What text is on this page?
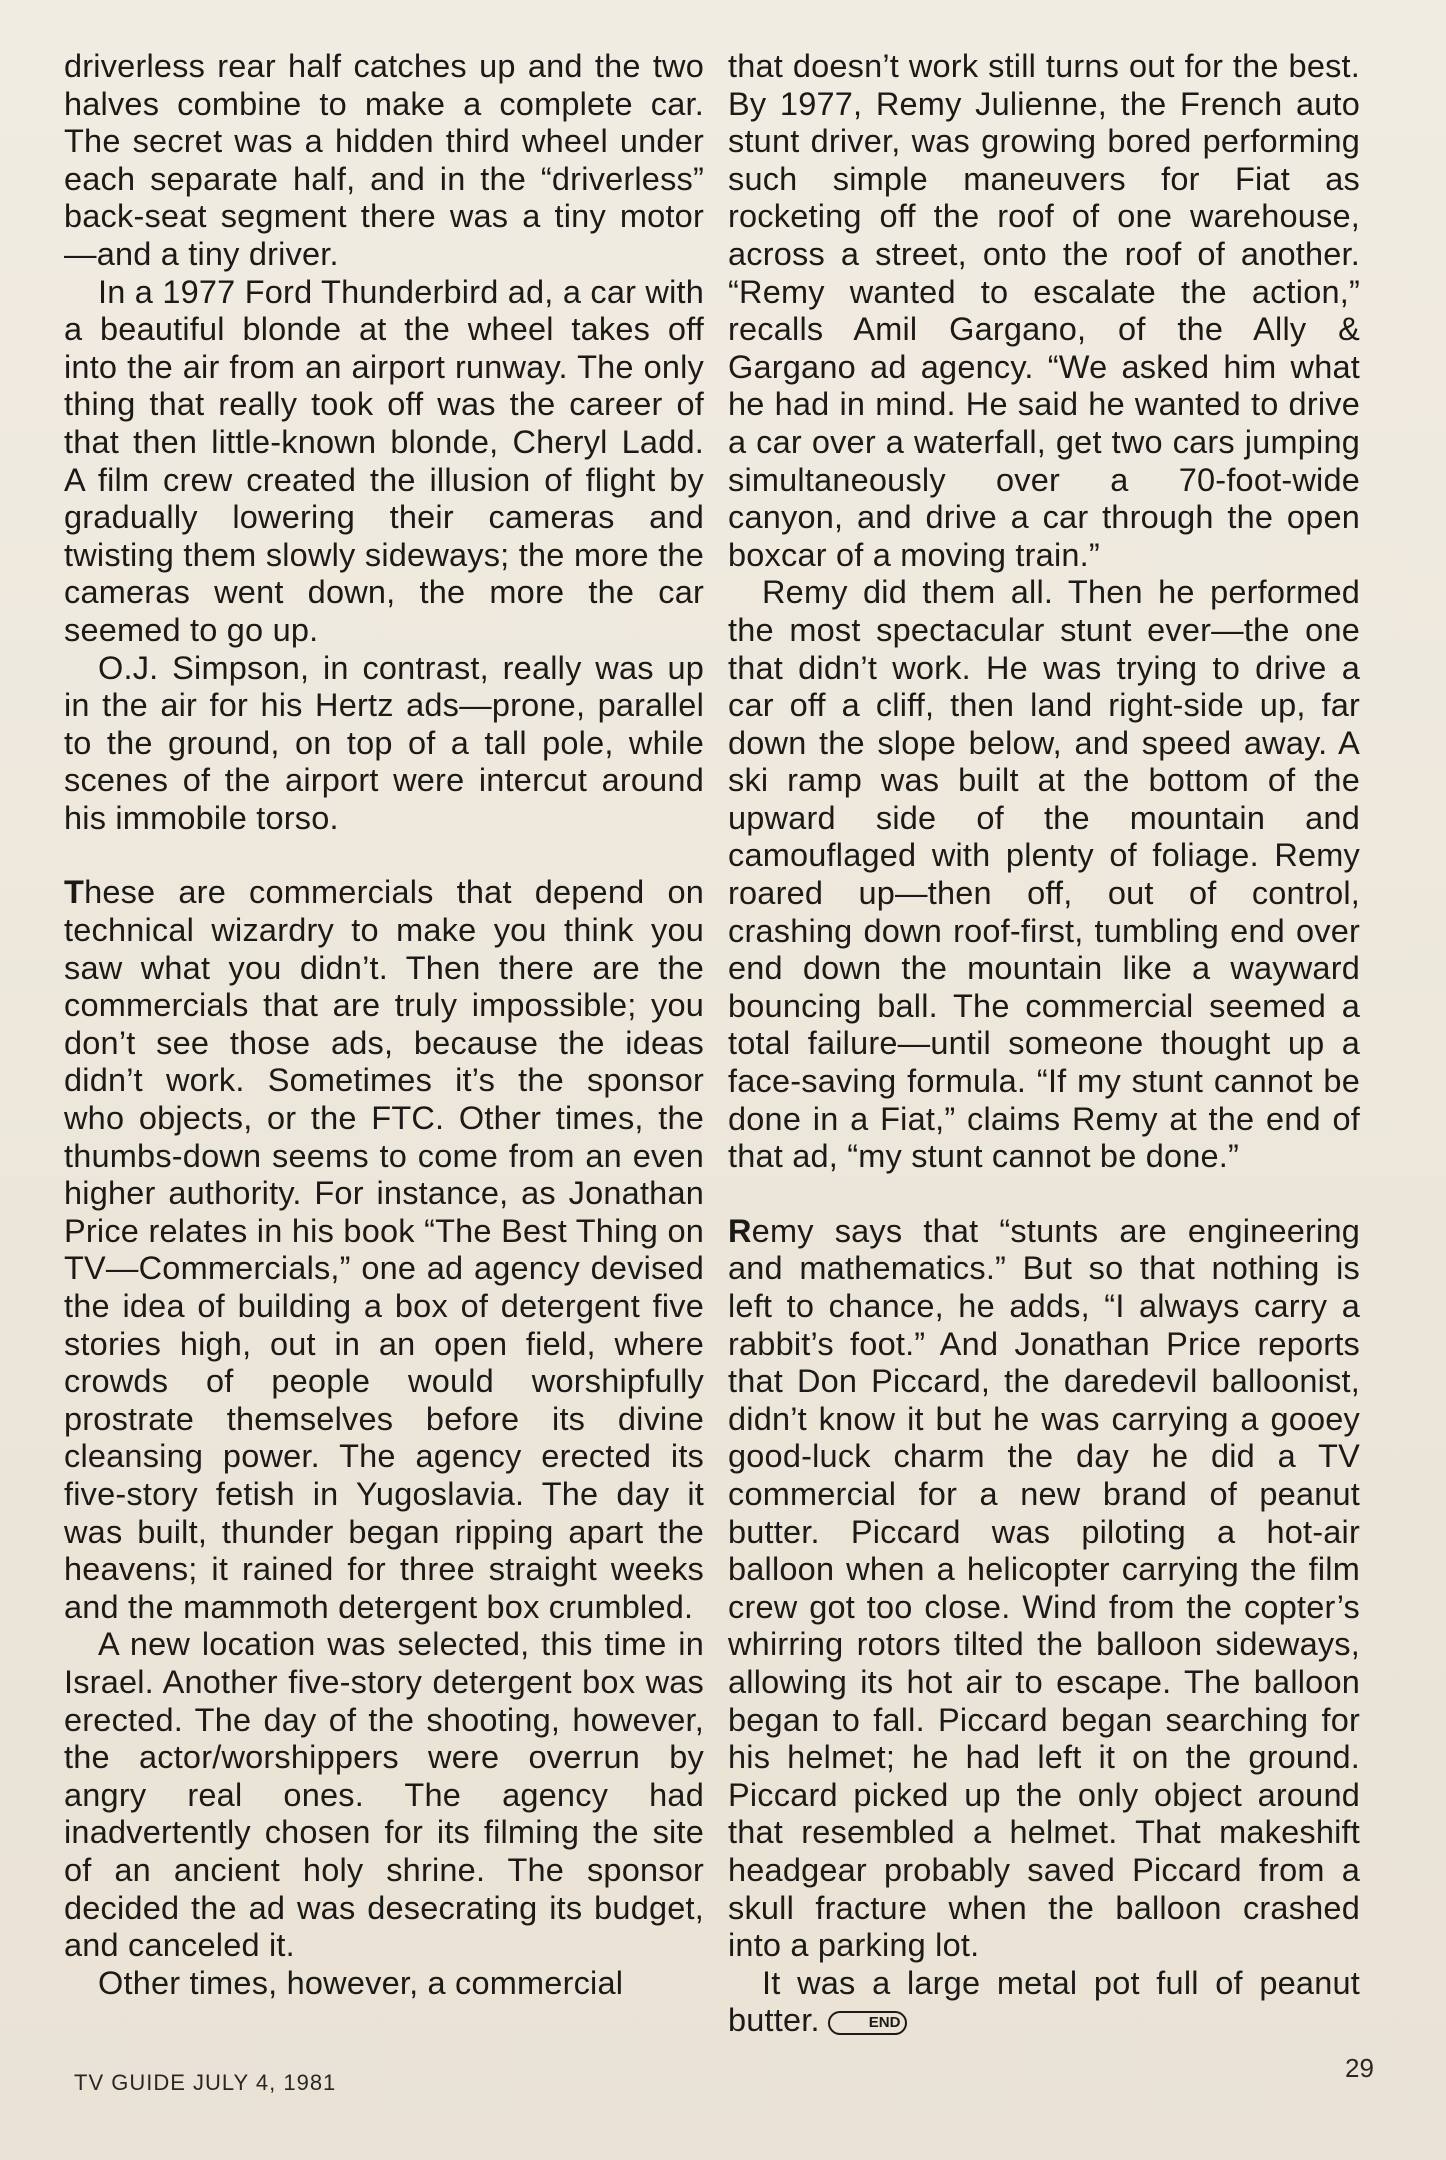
driverless rear half catches up and the two halves combine to make a complete car. The secret was a hidden third wheel under each separate half, and in the “driverless” back-seat segment there was a tiny motor—and a tiny driver.

In a 1977 Ford Thunderbird ad, a car with a beautiful blonde at the wheel takes off into the air from an airport runway. The only thing that really took off was the career of that then little-known blonde, Cheryl Ladd. A film crew created the illusion of flight by gradually lowering their cameras and twisting them slowly sideways; the more the cameras went down, the more the car seemed to go up.

O.J. Simpson, in contrast, really was up in the air for his Hertz ads—prone, parallel to the ground, on top of a tall pole, while scenes of the airport were intercut around his immobile torso.

These are commercials that depend on technical wizardry to make you think you saw what you didn’t. Then there are the commercials that are truly impossible; you don’t see those ads, because the ideas didn’t work. Sometimes it’s the sponsor who objects, or the FTC. Other times, the thumbs-down seems to come from an even higher authority. For instance, as Jonathan Price relates in his book “The Best Thing on TV—Commercials,” one ad agency devised the idea of building a box of detergent five stories high, out in an open field, where crowds of people would worshipfully prostrate themselves before its divine cleansing power. The agency erected its five-story fetish in Yugoslavia. The day it was built, thunder began ripping apart the heavens; it rained for three straight weeks and the mammoth detergent box crumbled.

A new location was selected, this time in Israel. Another five-story detergent box was erected. The day of the shooting, however, the actor/worshippers were overrun by angry real ones. The agency had inadvertently chosen for its filming the site of an ancient holy shrine. The sponsor decided the ad was desecrating its budget, and canceled it.

Other times, however, a commercial

that doesn’t work still turns out for the best. By 1977, Remy Julienne, the French auto stunt driver, was growing bored performing such simple maneuvers for Fiat as rocketing off the roof of one warehouse, across a street, onto the roof of another. “Remy wanted to escalate the action,” recalls Amil Gargano, of the Ally & Gargano ad agency. “We asked him what he had in mind. He said he wanted to drive a car over a waterfall, get two cars jumping simultaneously over a 70-foot-wide canyon, and drive a car through the open boxcar of a moving train.”

Remy did them all. Then he performed the most spectacular stunt ever—the one that didn’t work. He was trying to drive a car off a cliff, then land right-side up, far down the slope below, and speed away. A ski ramp was built at the bottom of the upward side of the mountain and camouflaged with plenty of foliage. Remy roared up—then off, out of control, crashing down roof-first, tumbling end over end down the mountain like a wayward bouncing ball. The commercial seemed a total failure—until someone thought up a face-saving formula. “If my stunt cannot be done in a Fiat,” claims Remy at the end of that ad, “my stunt cannot be done.”

Remy says that “stunts are engineering and mathematics.” But so that nothing is left to chance, he adds, “I always carry a rabbit’s foot.” And Jonathan Price reports that Don Piccard, the daredevil balloonist, didn’t know it but he was carrying a gooey good-luck charm the day he did a TV commercial for a new brand of peanut butter. Piccard was piloting a hot-air balloon when a helicopter carrying the film crew got too close. Wind from the copter’s whirring rotors tilted the balloon sideways, allowing its hot air to escape. The balloon began to fall. Piccard began searching for his helmet; he had left it on the ground. Piccard picked up the only object around that resembled a helmet. That makeshift headgear probably saved Piccard from a skull fracture when the balloon crashed into a parking lot.

It was a large metal pot full of peanut butter.	END

TV GUIDE JULY 4, 1981	29
